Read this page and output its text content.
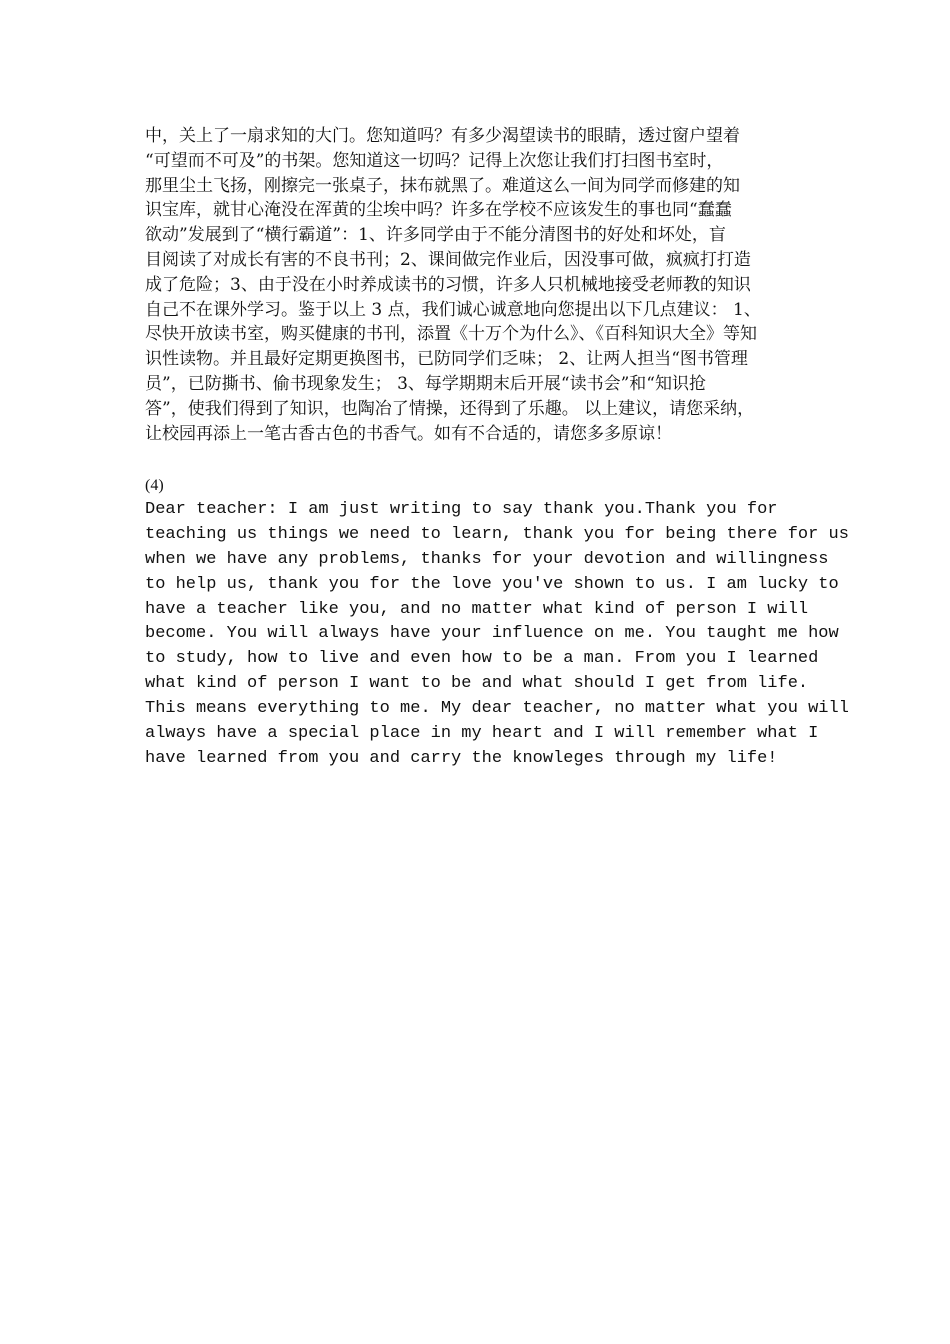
中，关上了一扇求知的大门。您知道吗？有多少渴望读书的眼睛，透过窗户望着
“可望而不可及”的书架。您知道这一切吗？记得上次您让我们打扫图书室时，
那里尘土飞扬，刚擦完一张桌子，抹布就黑了。难道这么一间为同学而修建的知
识宝库，就甘心淹没在浑黄的尘埃中吗？许多在学校不应该发生的事也同“蠢蠢
欲动”发展到了“横行霸道”：1、许多同学由于不能分清图书的好处和坏处，盲
目阅读了对成长有害的不良书刊；2、课间做完作业后，因没事可做，疯疯打打造
成了危险；3、由于没在小时养成读书的习惯，许多人只机械地接受老师教的知识
自己不在课外学习。鉴于以上 3 点，我们诚心诚意地向您提出以下几点建议： 1、
尽快开放读书室，购买健康的书刊，添置《十万个为什么》、《百科知识大全》等知
识性读物。并且最好定期更换图书，已防同学们乏味； 2、让两人担当“图书管理
员”，已防撕书、偷书现象发生； 3、每学期期末后开展“读书会”和“知识抢
答”，使我们得到了知识，也陶冶了情操，还得到了乐趣。 以上建议，请您采纳，
让校园再添上一笔古香古色的书香气。如有不合适的，请您多多原谅！
(4)
Dear teacher: I am just writing to say thank you.Thank you for
teaching us things we need to learn, thank you for being there for us
when we have any problems, thanks for your devotion and willingness
to help us, thank you for the love you've shown to us. I am lucky to
have a teacher like you, and no matter what kind of person I will
become. You will always have your influence on me. You taught me how
to study, how to live and even how to be a man. From you I learned
what kind of person I want to be and what should I get from life.
This means everything to me. My dear teacher, no matter what you will
always have a special place in my heart and I will remember what I
have learned from you and carry the knowleges through my life!
